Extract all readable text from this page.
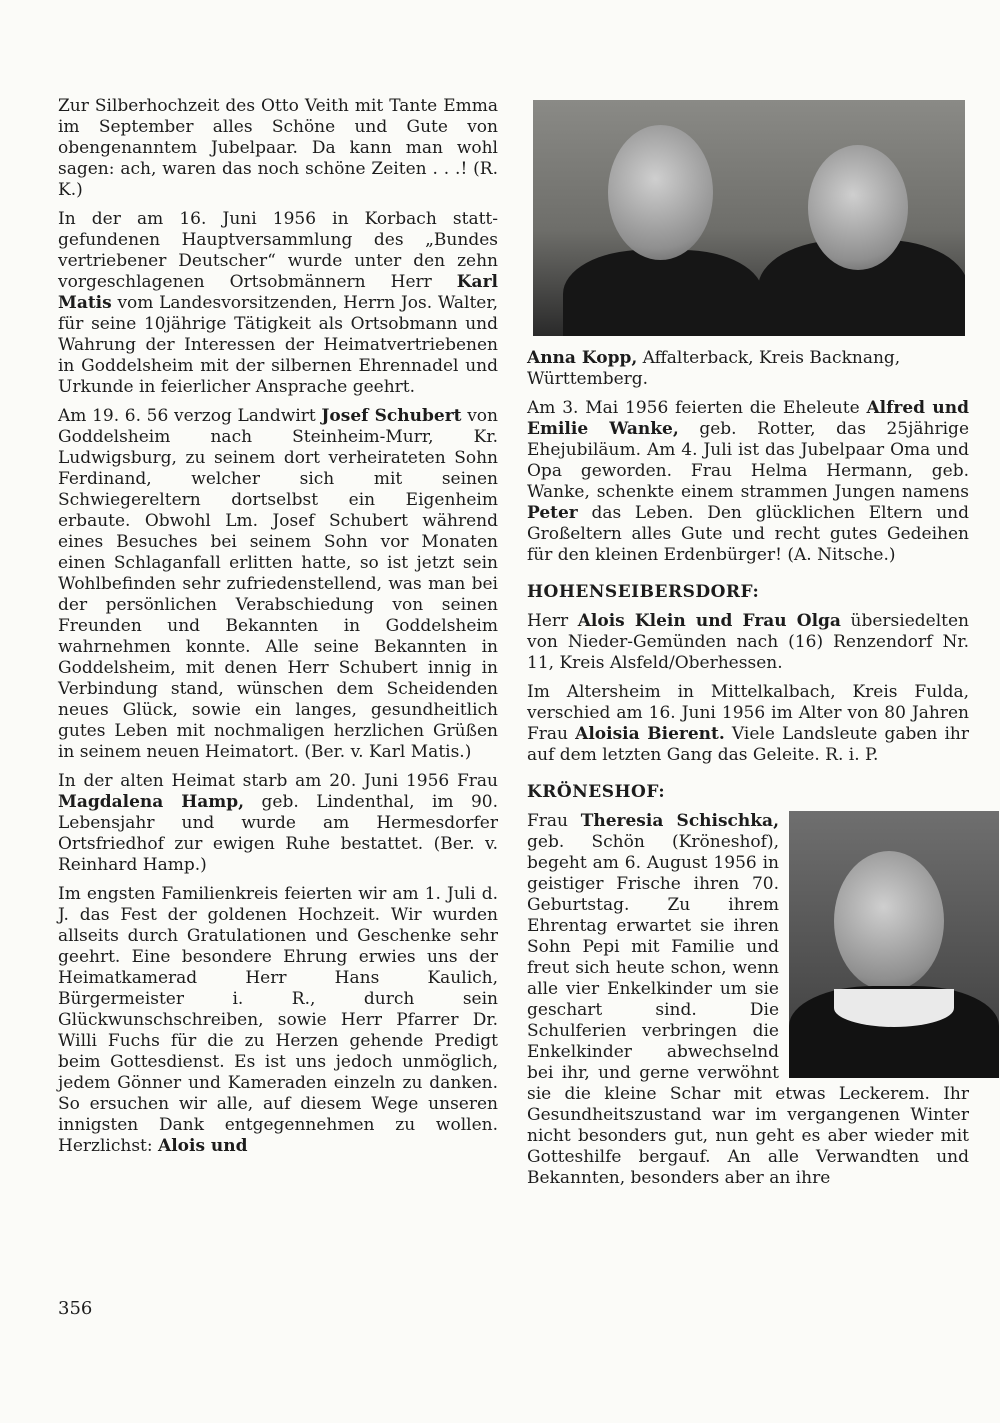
Zur Silberhochzeit des Otto Veith mit Tante Emma im September alles Schöne und Gute von obengenanntem Jubelpaar. Da kann man wohl sagen: ach, waren das noch schöne Zeiten . . .! (R. K.)

In der am 16. Juni 1956 in Korbach statt-gefundenen Hauptversammlung des „Bundes vertriebener Deutscher“ wurde unter den zehn vorgeschlagenen Ortsobmännern Herr Karl Matis vom Landesvorsitzenden, Herrn Jos. Walter, für seine 10jährige Tätigkeit als Ortsobmann und Wahrung der Interessen der Heimatvertriebenen in Goddelsheim mit der silbernen Ehrennadel und Urkunde in feierlicher Ansprache geehrt.

Am 19. 6. 56 verzog Landwirt Josef Schubert von Goddelsheim nach Steinheim-Murr, Kr. Ludwigsburg, zu seinem dort verheirateten Sohn Ferdinand, welcher sich mit seinen Schwiegereltern dortselbst ein Eigenheim erbaute. Obwohl Lm. Josef Schubert während eines Besuches bei seinem Sohn vor Monaten einen Schlaganfall erlitten hatte, so ist jetzt sein Wohlbefinden sehr zufriedenstellend, was man bei der persönlichen Verabschiedung von seinen Freunden und Bekannten in Goddelsheim wahrnehmen konnte. Alle seine Bekannten in Goddelsheim, mit denen Herr Schubert innig in Verbindung stand, wünschen dem Scheidenden neues Glück, sowie ein langes, gesundheitlich gutes Leben mit nochmaligen herzlichen Grüßen in seinem neuen Heimatort. (Ber. v. Karl Matis.)

In der alten Heimat starb am 20. Juni 1956 Frau Magdalena Hamp, geb. Lindenthal, im 90. Lebensjahr und wurde am Hermesdorfer Ortsfriedhof zur ewigen Ruhe bestattet. (Ber. v. Reinhard Hamp.)

Im engsten Familienkreis feierten wir am 1. Juli d. J. das Fest der goldenen Hochzeit. Wir wurden allseits durch Gratulationen und Geschenke sehr geehrt. Eine besondere Ehrung erwies uns der Heimatkamerad Herr Hans Kaulich, Bürgermeister i. R., durch sein Glückwunschschreiben, sowie Herr Pfarrer Dr. Willi Fuchs für die zu Herzen gehende Predigt beim Gottesdienst. Es ist uns jedoch unmöglich, jedem Gönner und Kameraden einzeln zu danken. So ersuchen wir alle, auf diesem Wege unseren innigsten Dank entgegennehmen zu wollen. Herzlichst: Alois und

Anna Kopp, Affalterback, Kreis Backnang, Württemberg.

Am 3. Mai 1956 feierten die Eheleute Alfred und Emilie Wanke, geb. Rotter, das 25jährige Ehejubiläum. Am 4. Juli ist das Jubelpaar Oma und Opa geworden. Frau Helma Hermann, geb. Wanke, schenkte einem strammen Jungen namens Peter das Leben. Den glücklichen Eltern und Großeltern alles Gute und recht gutes Gedeihen für den kleinen Erdenbürger! (A. Nitsche.)

HOHENSEIBERSDORF:

Herr Alois Klein und Frau Olga übersiedelten von Nieder-Gemünden nach (16) Renzendorf Nr. 11, Kreis Alsfeld/Oberhessen.

Im Altersheim in Mittelkalbach, Kreis Fulda, verschied am 16. Juni 1956 im Alter von 80 Jahren Frau Aloisia Bierent. Viele Landsleute gaben ihr auf dem letzten Gang das Geleite. R. i. P.

KRÖNESHOF:

Frau Theresia Schischka, geb. Schön (Kröneshof), begeht am 6. August 1956 in geistiger Frische ihren 70. Geburtstag. Zu ihrem Ehrentag erwartet sie ihren Sohn Pepi mit Familie und freut sich heute schon, wenn alle vier Enkelkinder um sie geschart sind. Die Schulferien verbringen die Enkelkinder abwechselnd bei ihr, und gerne verwöhnt sie die kleine Schar mit etwas Leckerem. Ihr Gesundheitszustand war im vergangenen Winter nicht besonders gut, nun geht es aber wieder mit Gotteshilfe bergauf. An alle Verwandten und Bekannten, besonders aber an ihre

356
